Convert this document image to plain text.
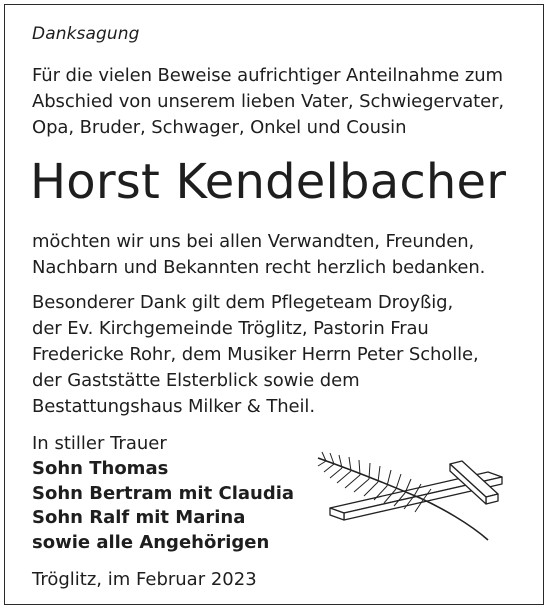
Danksagung
Für die vielen Beweise aufrichtiger Anteilnahme zum
Abschied von unserem lieben Vater, Schwiegervater,
Opa, Bruder, Schwager, Onkel und Cousin
Horst Kendelbacher
möchten wir uns bei allen Verwandten, Freunden,
Nachbarn und Bekannten recht herzlich bedanken.
Besonderer Dank gilt dem Pflegeteam Droyßig,
der Ev. Kirchgemeinde Tröglitz, Pastorin Frau
Fredericke Rohr, dem Musiker Herrn Peter Scholle,
der Gaststätte Elsterblick sowie dem
Bestattungshaus Milker & Theil.
In stiller Trauer
Sohn Thomas
Sohn Bertram mit Claudia
Sohn Ralf mit Marina
sowie alle Angehörigen
Tröglitz, im Februar 2023
